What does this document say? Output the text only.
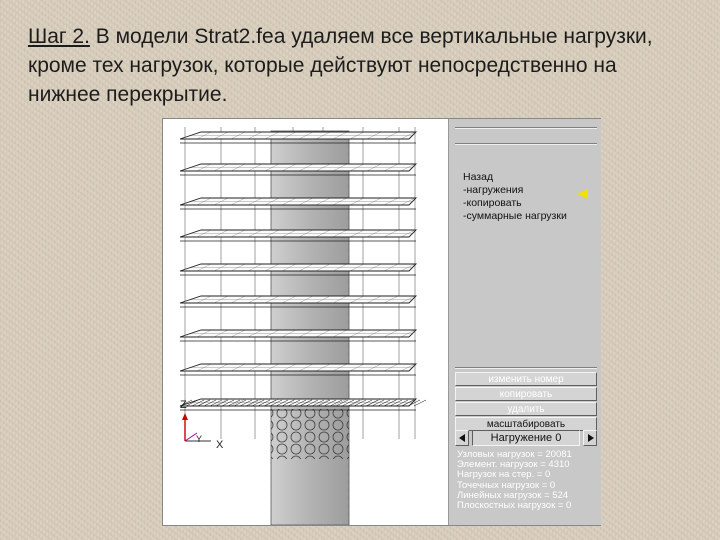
Шаг 2. В модели Strat2.fea удаляем все вертикальные нагрузки, кроме тех нагрузок, которые действуют непосредственно на нижнее перекрытие.
Z
Y X
Назад
-нагружения
-копировать
-суммарные нагрузки
изменить номер
копировать
удалить
масштабировать
Нагружение 0
Узловых нагрузок = 20081
Элемент. нагрузок = 4310
Нагрузок на стер. = 0
Точечных нагрузок = 0
Линейных нагрузок = 524
Плоскостных нагрузок = 0
